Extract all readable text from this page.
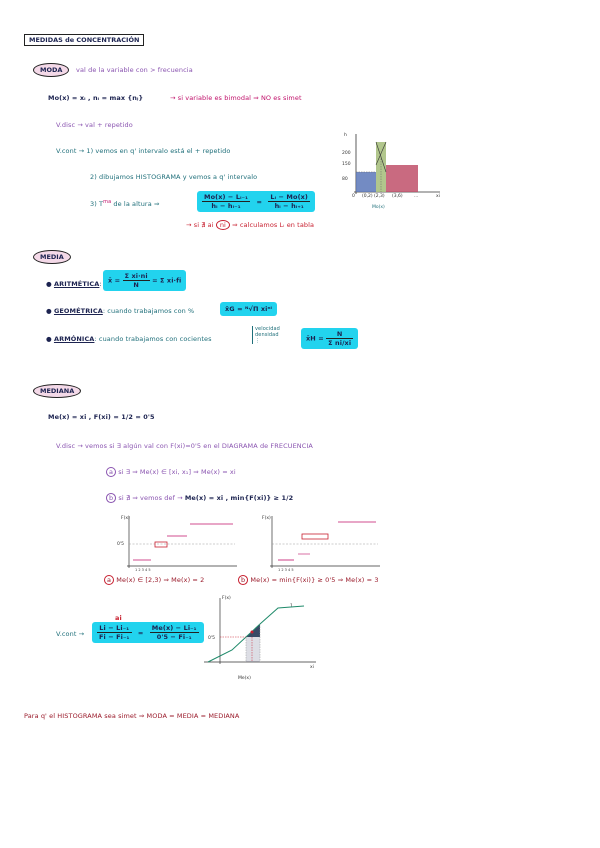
MEDIDAS de CONCENTRACIÓN
MODA	val de la variable con > frecuencia
Mo(x) = xᵢ , nᵢ = max {nⱼ}	→ si variable es bimodal ⇒ NO es simet
V.disc → val + repetido
V.cont → 1) vemos en q' intervalo está el + repetido
2) dibujamos HISTOGRAMA y vemos a q' intervalo
3) $T^{ma}$ de la altura ⇒	$\frac{\text{Mo(x) − Lᵢ₋₁}}{\text{hᵢ − hᵢ₋₁}} = \frac{\text{Lᵢ − Mo(x)}}{\text{hᵢ − hᵢ₊₁}}$
→ si ∄ ai ni ⇒ calculamos Lᵢ en tabla
h
200
150
80
0 (0,2) (2,3) (3,6)	...	xi
Mo(x)
MEDIA
● ARITMÉTICA: x̄ = $\frac{\text{Σ xi·ni}}{N} = \Sigma$ xi·fi
● GEOMÉTRICA: cuando trabajamos con %	x̄G = ᴺ√Π xiⁿⁱ
● ARMÓNICA: cuando trabajamos con cocientes
velocidad
densidad
⋮	x̄H = $\frac{N}{\text{Σ ni/xi}}$
MEDIANA
Me(x) = xi , F(xi) = 1/2 = 0'5
V.disc → vemos si ∃ algún val con F(xi)=0'5 en el DIAGRAMA de FRECUENCIA
a si ∃ ⇒ Me(x) ∈ [xi, x₁] ⇒ Me(x) = xi
b si ∄ ⇒ vemos def → Me(x) = xi , min{F(xi)} ≥ 1/2
F(x)
0'5
1 2 3 4 5
F(x)
1 2 3 4 5
a Me(x) ∈ [2,3) ⇒ Me(x) = 2	b Me(x) = min{F(xi)} ≥ 0'5 ⇒ Me(x) = 3
ai
V.cont → $\frac{\text{Li − Li₋₁}}{\text{Fi − Fi₋₁}} = \frac{\text{Me(x) − Li₋₁}}{\text{0'5 − Fi₋₁}}$
F(x)
0'5
xi
Me(x)
1
Para q' el HISTOGRAMA sea simet ⇒ MODA = MEDIA = MEDIANA
